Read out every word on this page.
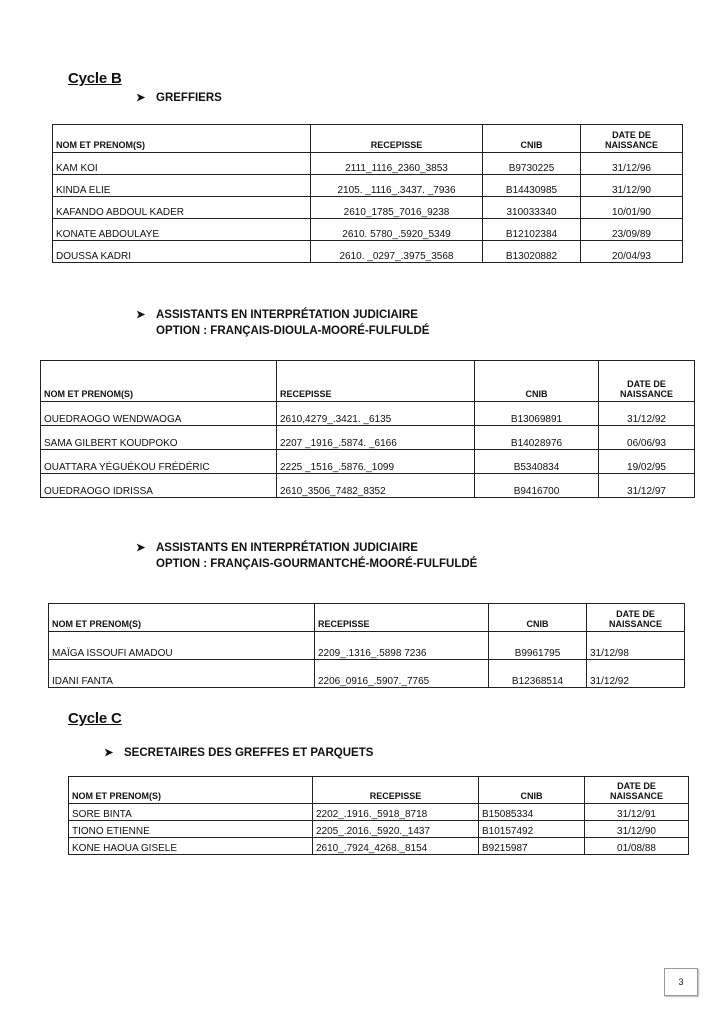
Cycle B
➤ GREFFIERS
NOM ET PRENOM(S)	RECEPISSE	CNIB	DATE DE
NAISSANCE
KAM KOI	2111_1116_2360_3853	B9730225	31/12/96
KINDA ELIE	2105. _1116_.3437. _7936	B14430985	31/12/90
KAFANDO ABDOUL KADER	2610_1785_7016_9238	310033340	10/01/90
KONATE ABDOULAYE	2610. 5780_.5920_5349	B12102384	23/09/89
DOUSSA KADRI	2610. _0297_.3975_3568	B13020882	20/04/93
➤ ASSISTANTS EN INTERPRÉTATION JUDICIAIRE
OPTION : FRANÇAIS-DIOULA-MOORÉ-FULFULDÉ
NOM ET PRENOM(S)	RECEPISSE	CNIB	DATE DE
NAISSANCE
OUEDRAOGO WENDWAOGA	2610,4279_.3421. _6135	B13069891	31/12/92
SAMA GILBERT KOUDPOKO	2207 _1916_.5874. _6166	B14028976	06/06/93
OUATTARA YÉGUÉKOU FRÉDÉRIC	2225 _1516_.5876._1099	B5340834	19/02/95
OUEDRAOGO IDRISSA	2610_3506_7482_8352	B9416700	31/12/97
➤ ASSISTANTS EN INTERPRÉTATION JUDICIAIRE
OPTION : FRANÇAIS-GOURMANTCHÉ-MOORÉ-FULFULDÉ
NOM ET PRENOM(S)	RECEPISSE	CNIB	DATE DE
NAISSANCE
MAÏGA ISSOUFI AMADOU	2209_.1316_.5898 7236	B9961795	31/12/98
IDANI FANTA	2206_0916_.5907._7765	B12368514	31/12/92
Cycle C
➤ SECRETAIRES DES GREFFES ET PARQUETS
NOM ET PRENOM(S)	RECEPISSE	CNIB	DATE DE
NAISSANCE
SORE BINTA	2202_.1916._5918_8718	B15085334	31/12/91
TIONO ETIENNE	2205_.2016._5920._1437	B10157492	31/12/90
KONE HAOUA GISELE	2610_.7924_4268._8154	B9215987	01/08/88
3
